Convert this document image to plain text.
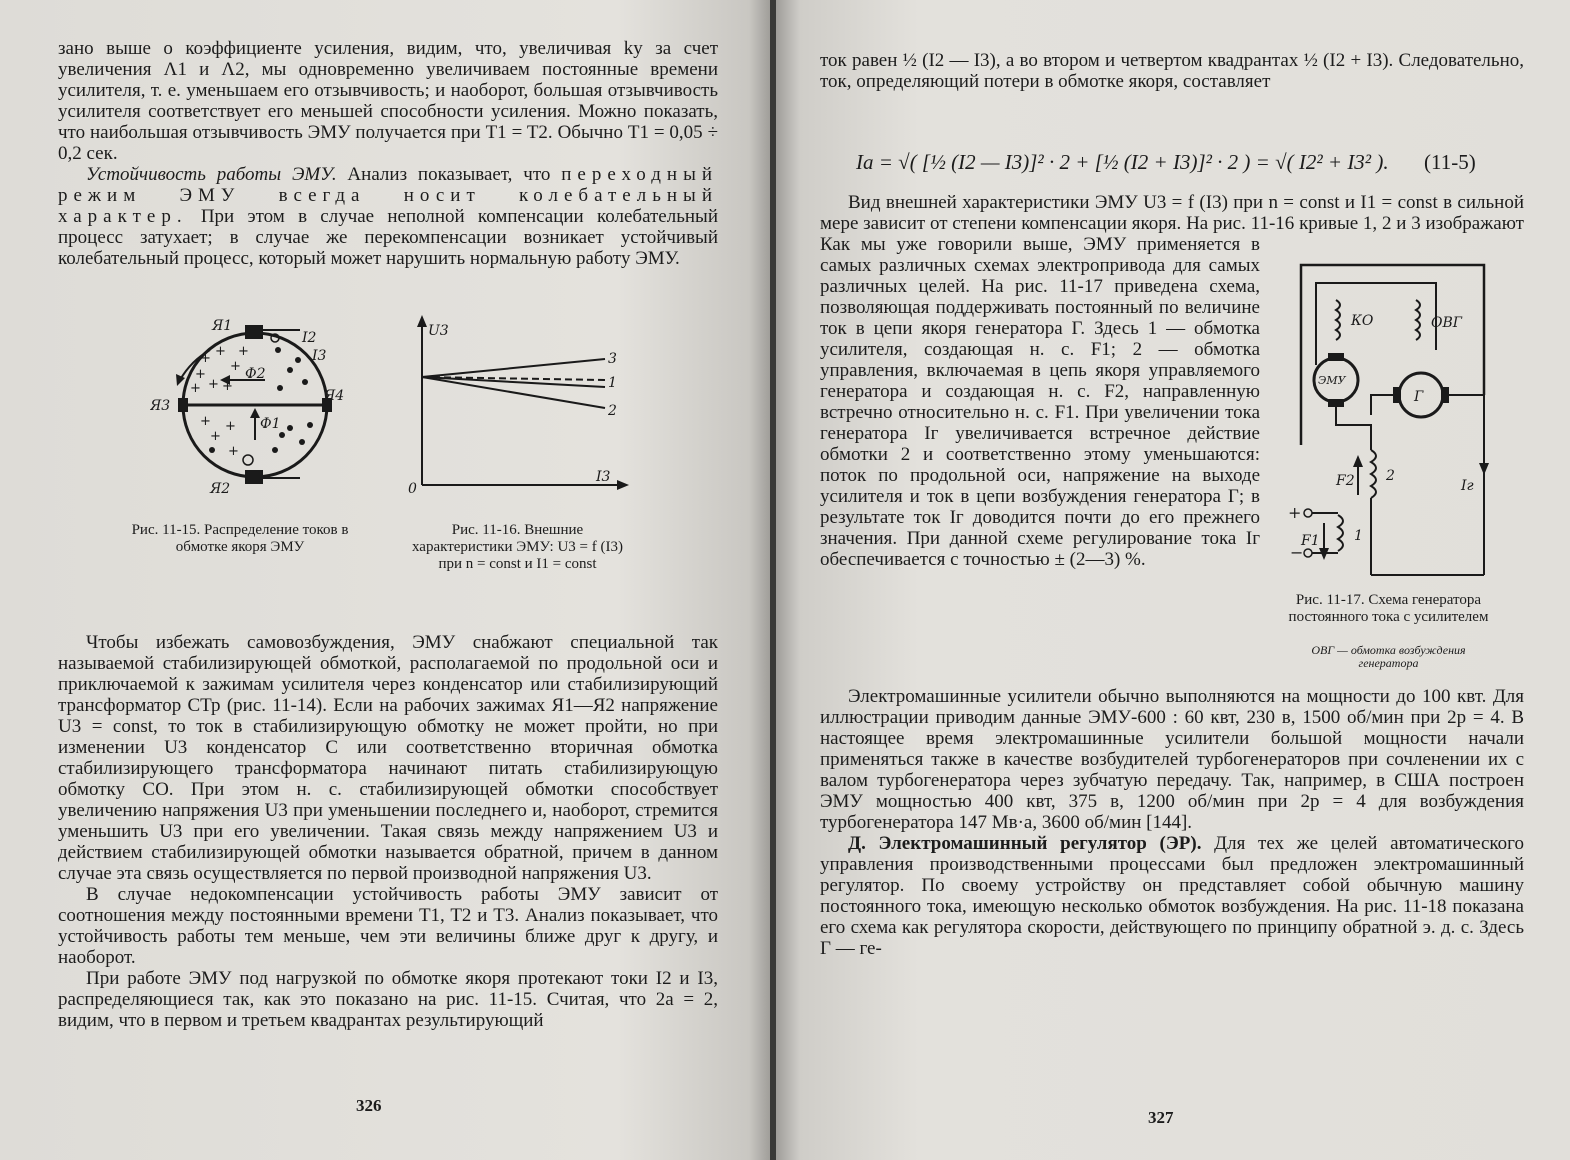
зано выше о коэффициенте усиления, видим, что, увеличивая kу за счет увеличения Λ1 и Λ2, мы одновременно увеличиваем постоянные времени усилителя, т. е. уменьшаем его отзывчивость; и наоборот, большая отзывчивость усилителя соответствует его меньшей способности усиления. Можно показать, что наибольшая отзывчивость ЭМУ получается при T1 = T2. Обычно T1 = 0,05 ÷ 0,2 сек.

Устойчивость работы ЭМУ. Анализ показывает, что переходный режим ЭМУ всегда носит колебательный характер. При этом в случае неполной компенсации колебательный процесс затухает; в случае же перекомпенсации возникает устойчивый колебательный процесс, который может нарушить нормальную работу ЭМУ.

+ +
+
+
+ +
+
+
+
+
+
+
Я1
Я2
Я3
Я4
I2
I3
Ф2
Ф1
Рис. 11-15. Распределение токов в обмотке якоря ЭМУ
U3
I3
0
3
1
2
Рис. 11-16. Внешние характеристики ЭМУ: U3 = f (I3) при n = const и I1 = const

Чтобы избежать самовозбуждения, ЭМУ снабжают специальной так называемой стабилизирующей обмоткой, располагаемой по продольной оси и приключаемой к зажимам усилителя через конденсатор или стабилизирующий трансформатор СТр (рис. 11-14). Если на рабочих зажимах Я1—Я2 напряжение U3 = const, то ток в стабилизирующую обмотку не может пройти, но при изменении U3 конденсатор С или соответственно вторичная обмотка стабилизирующего трансформатора начинают питать стабилизирующую обмотку СО. При этом н. с. стабилизирующей обмотки способствует увеличению напряжения U3 при уменьшении последнего и, наоборот, стремится уменьшить U3 при его увеличении. Такая связь между напряжением U3 и действием стабилизирующей обмотки называется обратной, причем в данном случае эта связь осуществляется по первой производной напряжения U3.

В случае недокомпенсации устойчивость работы ЭМУ зависит от соотношения между постоянными времени T1, T2 и T3. Анализ показывает, что устойчивость работы тем меньше, чем эти величины ближе друг к другу, и наоборот.

При работе ЭМУ под нагрузкой по обмотке якоря протекают токи I2 и I3, распределяющиеся так, как это показано на рис. 11-15. Считая, что 2a = 2, видим, что в первом и третьем квадрантах результирующий

326

ток равен ½ (I2 — I3), а во втором и четвертом квадрантах ½ (I2 + I3). Следовательно, ток, определяющий потери в обмотке якоря, составляет

Ia = √( [½ (I2 — I3)]² · 2 + [½ (I2 + I3)]² · 2 ) = √( I2² + I3² ). (11-5)

Вид внешней характеристики ЭМУ U3 = f (I3) при n = const и I1 = const в сильной мере зависит от степени компенсации якоря. На рис. 11-16 кривые 1, 2 и 3 изображают

Как мы уже говорили выше, ЭМУ применяется в самых различных схемах электропривода для самых различных целей. На рис. 11-17 приведена схема, позволяющая поддерживать постоянный по величине ток в цепи якоря генератора Г. Здесь 1 — обмотка усилителя, создающая н. с. F1; 2 — обмотка управления, включаемая в цепь якоря управляемого генератора и создающая н. с. F2, направленную встречно относительно н. с. F1. При увеличении тока генератора Iг увеличивается встречное действие обмотки 2 и соответственно этому уменьшаются: поток по продольной оси, напряжение на выходе усилителя и ток в цепи возбуждения генератора Г; в результате ток Iг доводится почти до его прежнего значения. При данной схеме регулирование тока Iг обеспечивается с точностью ± (2—3) %.

КО	ОВГ
ЭМУ
Г
F2 2
F1 1
Iг
+
−
Рис. 11-17. Схема генератора постоянного тока с усилителем
ОВГ — обмотка возбуждения генератора

Электромашинные усилители обычно выполняются на мощности до 100 квт. Для иллюстрации приводим данные ЭМУ-600 : 60 квт, 230 в, 1500 об/мин при 2p = 4. В настоящее время электромашинные усилители большой мощности начали применяться также в качестве возбудителей турбогенераторов при сочленении их с валом турбогенератора через зубчатую передачу. Так, например, в США построен ЭМУ мощностью 400 квт, 375 в, 1200 об/мин при 2p = 4 для возбуждения турбогенератора 147 Мв·а, 3600 об/мин [144].

Д. Электромашинный регулятор (ЭР). Для тех же целей автоматического управления производственными процессами был предложен электромашинный регулятор. По своему устройству он представляет собой обычную машину постоянного тока, имеющую несколько обмоток возбуждения. На рис. 11-18 показана его схема как регулятора скорости, действующего по принципу обратной э. д. с. Здесь Г — ге-

327
